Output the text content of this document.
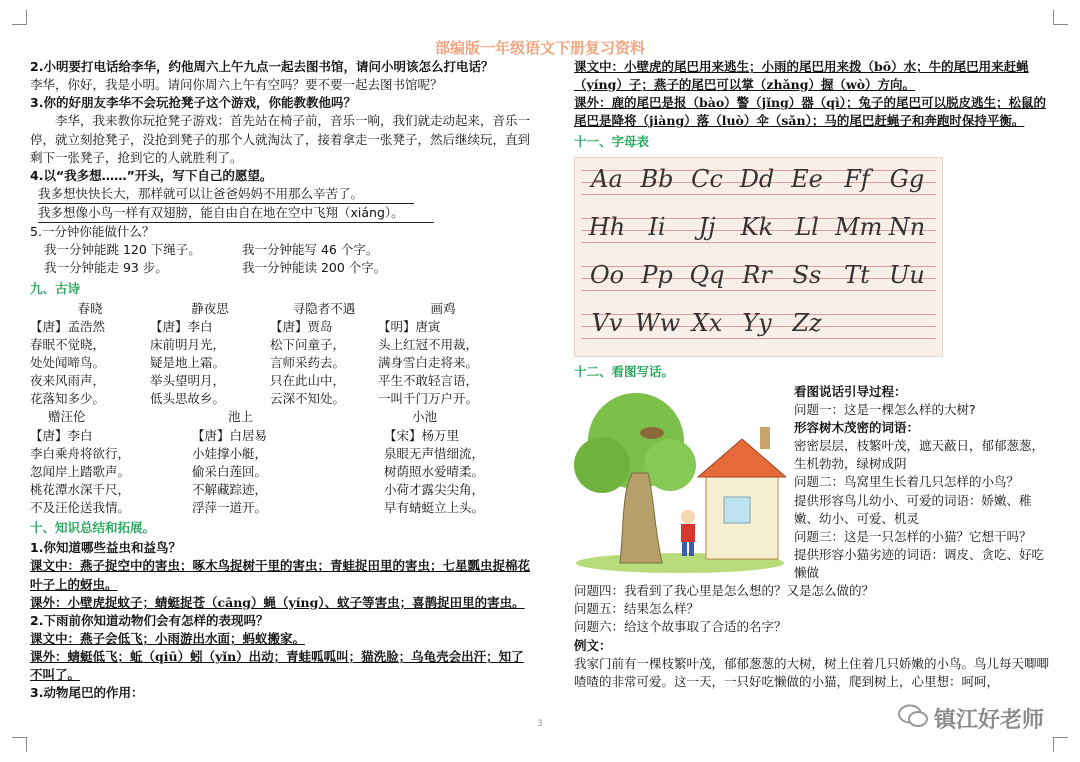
部编版一年级语文下册复习资料

2.小明要打电话给李华，约他周六上午九点一起去图书馆，请问小明该怎么打电话？

李华，你好，我是小明。请问你周六上午有空吗？要不要一起去图书馆呢？

3.你的好朋友李华不会玩抢凳子这个游戏，你能教教他吗？

李华，我来教你玩抢凳子游戏：首先站在椅子前，音乐一响，我们就走动起来，音乐一停，就立刻抢凳子，没抢到凳子的那个人就淘汰了，接着拿走一张凳子，然后继续玩，直到剩下一张凳子，抢到它的人就胜利了。

4.以“我多想……”开头，写下自己的愿望。

我多想快快长大，那样就可以让爸爸妈妈不用那么辛苦了。

我多想像小鸟一样有双翅膀，能自由自在地在空中飞翔（xiáng）。

5.一分钟你能做什么？

我一分钟能跳 120 下绳子。	我一分钟能写 46 个字。
我一分钟能走 93 步。	我一分钟能读 200 个字。

九、古诗

春晓	静夜思	寻隐者不遇	画鸡
【唐】孟浩然	【唐】李白	【唐】贾岛	【明】唐寅
春眠不觉晓，	床前明月光，	松下问童子，	头上红冠不用裁，
处处闻啼鸟。	疑是地上霜。	言师采药去。	满身雪白走将来。
夜来风雨声，	举头望明月，	只在此山中，	平生不敢轻言语，
花落知多少。	低头思故乡。	云深不知处。	一叫千门万户开。
赠汪伦	池上	小池
【唐】李白	【唐】白居易	【宋】杨万里
李白乘舟将欲行，	小娃撑小艇，	泉眼无声惜细流，
忽闻岸上踏歌声。	偷采白莲回。	树荫照水爱晴柔。
桃花潭水深千尺，	不解藏踪迹，	小荷才露尖尖角，
不及汪伦送我情。	浮萍一道开。	早有蜻蜓立上头。

十、知识总结和拓展。

1.你知道哪些益虫和益鸟？

课文中：燕子捉空中的害虫；啄木鸟捉树干里的害虫；青蛙捉田里的害虫；七星瓢虫捉棉花叶子上的蚜虫。

课外：小壁虎捉蚊子；蜻蜓捉苍（cāng）蝇（yíng）、蚊子等害虫；喜鹊捉田里的害虫。

2.下雨前你知道动物们会有怎样的表现吗？

课文中：燕子会低飞；小雨游出水面；蚂蚁搬家。

课外：蜻蜓低飞；蚯（qiū）蚓（yǐn）出动；青蛙呱呱叫；猫洗脸；乌龟壳会出汗；知了不叫了。

3.动物尾巴的作用：

课文中：小壁虎的尾巴用来逃生；小雨的尾巴用来拨（bō）水；牛的尾巴用来赶蝇（yíng）子；燕子的尾巴可以掌（zhǎng）握（wò）方向。

课外：鹿的尾巴是报（bào）警（jǐng）器（qì）；兔子的尾巴可以脱皮逃生；松鼠的尾巴是降将（jiàng）落（luò）伞（sǎn）；马的尾巴赶蝇子和奔跑时保持平衡。

十一、字母表

Aa Bb Cc Dd Ee Ff Gg
Hh Ii	Jj	Kk Ll Mm Nn
Oo Pp Qq Rr Ss Tt Uu
Vv Ww Xx Yy Zz

十二、看图写话。

看图说话引导过程：

问题一：这是一棵怎么样的大树?

形容树木茂密的词语：

密密层层，枝繁叶茂，遮天蔽日，郁郁葱葱，生机勃勃，绿树成阴

问题二：鸟窝里生长着几只怎样的小鸟？

提供形容鸟儿幼小、可爱的词语：娇嫩、稚嫩、幼小、可爱、机灵

问题三：这是一只怎样的小猫？它想干吗？

提供形容小猫劣迹的词语：调皮、贪吃、好吃懒做

问题四：我看到了我心里是怎么想的？又是怎么做的？

问题五：结果怎么样？

问题六：给这个故事取了合适的名字？

例文：

我家门前有一棵枝繁叶茂，郁郁葱葱的大树，树上住着几只娇嫩的小鸟。鸟儿每天唧唧喳喳的非常可爱。这一天，一只好吃懒做的小猫，爬到树上，心里想：呵呵，

3	镇江好老师
